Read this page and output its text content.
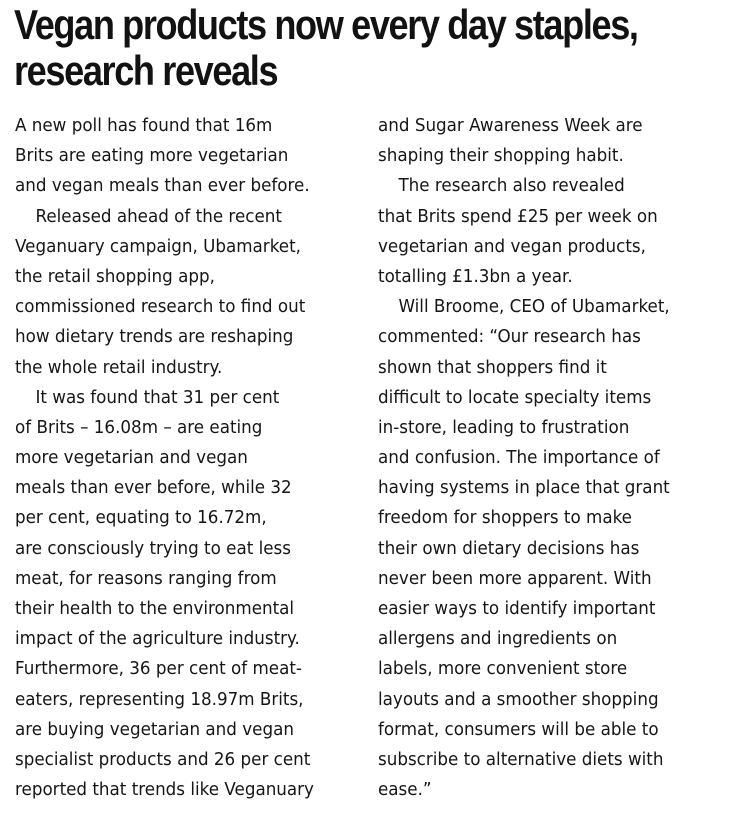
Vegan products now every day staples,
research reveals
A new poll has found that 16m
Brits are eating more vegetarian
and vegan meals than ever before.
Released ahead of the recent
Veganuary campaign, Ubamarket,
the retail shopping app,
commissioned research to find out
how dietary trends are reshaping
the whole retail industry.
It was found that 31 per cent
of Brits – 16.08m – are eating
more vegetarian and vegan
meals than ever before, while 32
per cent, equating to 16.72m,
are consciously trying to eat less
meat, for reasons ranging from
their health to the environmental
impact of the agriculture industry.
Furthermore, 36 per cent of meat-
eaters, representing 18.97m Brits,
are buying vegetarian and vegan
specialist products and 26 per cent
reported that trends like Veganuary
and Sugar Awareness Week are
shaping their shopping habit.
The research also revealed
that Brits spend £25 per week on
vegetarian and vegan products,
totalling £1.3bn a year.
Will Broome, CEO of Ubamarket,
commented: “Our research has
shown that shoppers find it
difficult to locate specialty items
in-store, leading to frustration
and confusion. The importance of
having systems in place that grant
freedom for shoppers to make
their own dietary decisions has
never been more apparent. With
easier ways to identify important
allergens and ingredients on
labels, more convenient store
layouts and a smoother shopping
format, consumers will be able to
subscribe to alternative diets with
ease.”
